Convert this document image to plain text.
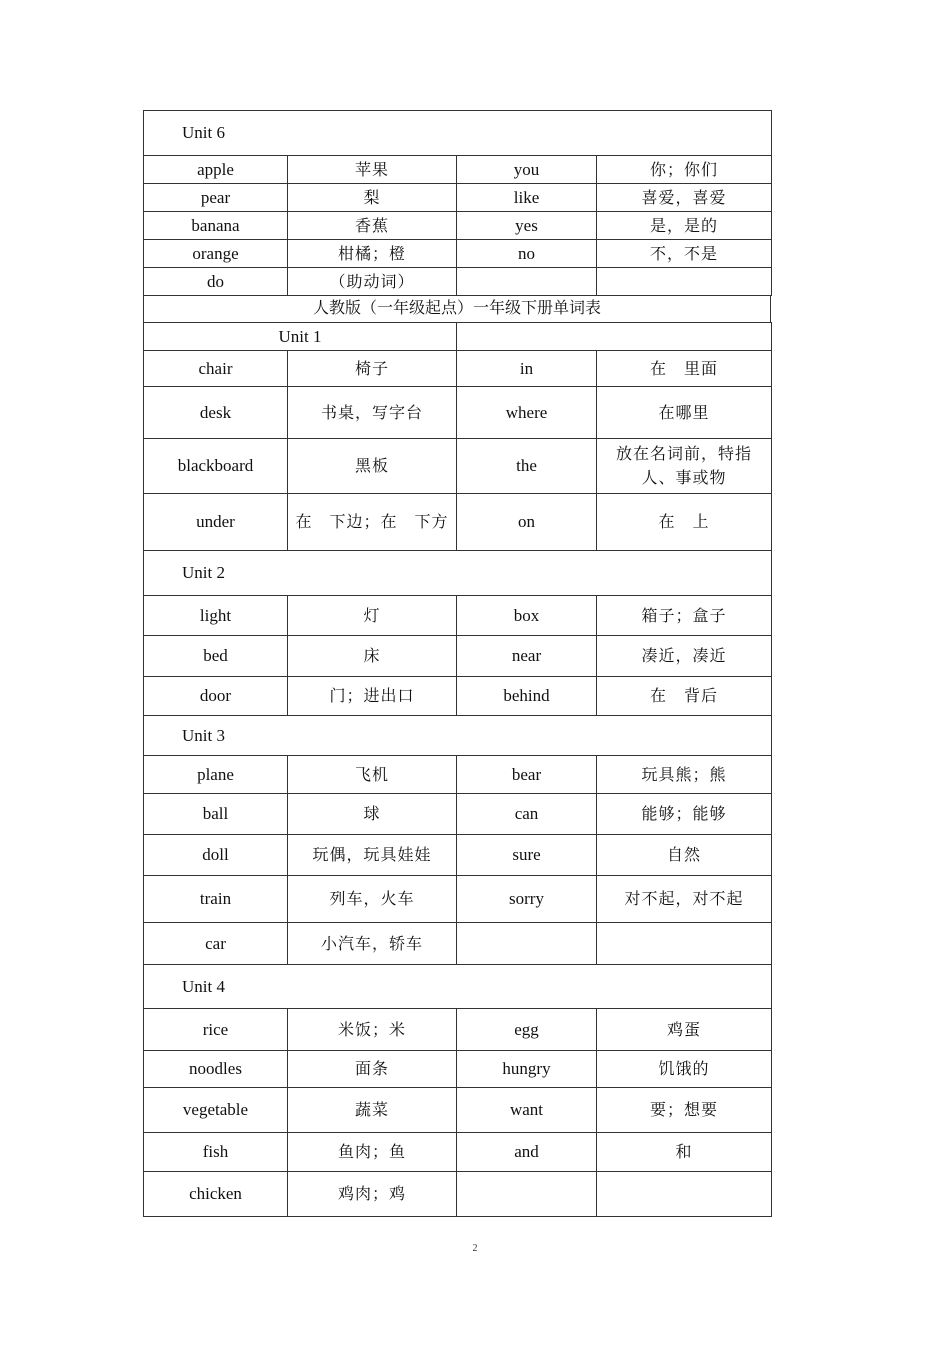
Unit 6			
apple	苹果	you	你；你们
pear	梨	like	喜爱，喜爱
banana	香蕉	yes	是，是的
orange	柑橘；橙	no	不，不是
do	（助动词）		
人教版（一年级起点）一年级下册单词表
Unit 1			
chair	椅子	in	在　里面
desk	书桌，写字台	where	在哪里
blackboard	黑板	the	放在名词前，特指人、事或物
under	在　下边；在　下方	on	在　上
Unit 2			
light	灯	box	箱子；盒子
bed	床	near	凑近，凑近
door	门；进出口	behind	在　背后
Unit 3			
plane	飞机	bear	玩具熊；熊
ball	球	can	能够；能够
doll	玩偶，玩具娃娃	sure	自然
train	列车，火车	sorry	对不起，对不起
car	小汽车，轿车		
Unit 4			
rice	米饭；米	egg	鸡蛋
noodles	面条	hungry	饥饿的
vegetable	蔬菜	want	要；想要
fish	鱼肉；鱼	and	和
chicken	鸡肉；鸡		
2
